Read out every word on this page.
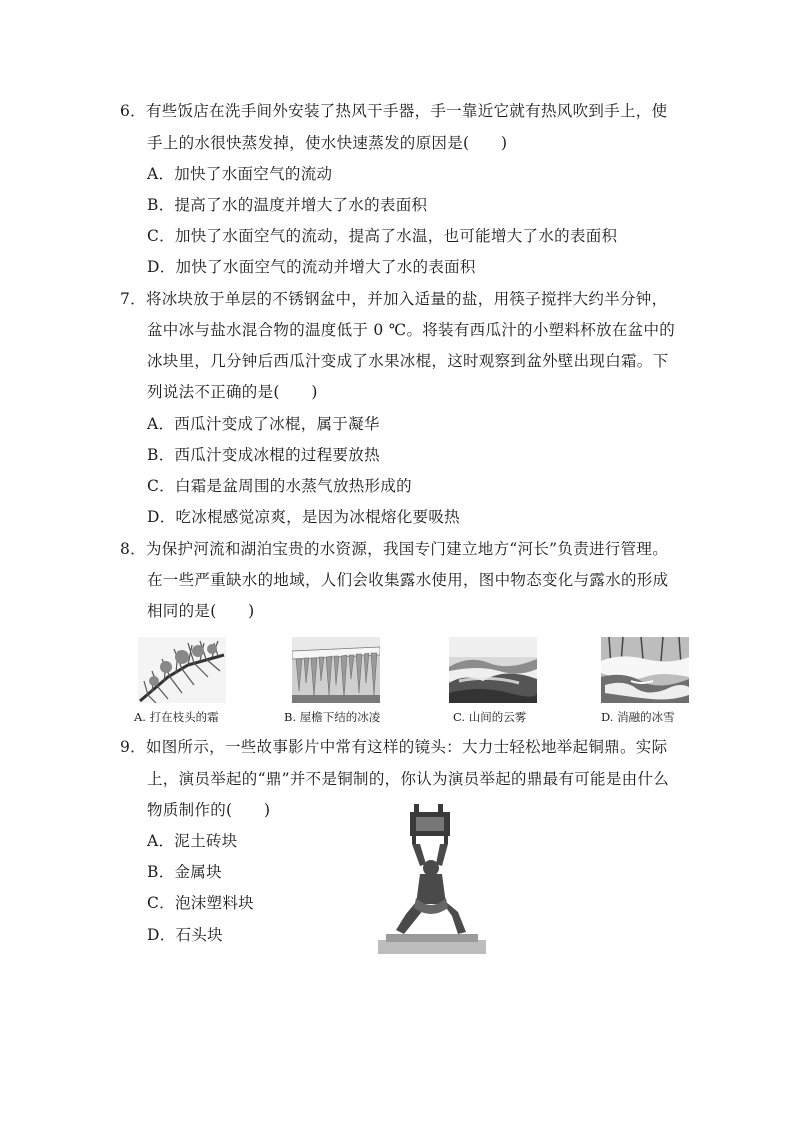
6．有些饭店在洗手间外安装了热风干手器，手一靠近它就有热风吹到手上，使
手上的水很快蒸发掉，使水快速蒸发的原因是(　　)
A．加快了水面空气的流动
B．提高了水的温度并增大了水的表面积
C．加快了水面空气的流动，提高了水温，也可能增大了水的表面积
D．加快了水面空气的流动并增大了水的表面积
7．将冰块放于单层的不锈钢盆中，并加入适量的盐，用筷子搅拌大约半分钟，
盆中冰与盐水混合物的温度低于 0 ℃。将装有西瓜汁的小塑料杯放在盆中的
冰块里，几分钟后西瓜汁变成了水果冰棍，这时观察到盆外壁出现白霜。下
列说法不正确的是(　　)
A．西瓜汁变成了冰棍，属于凝华
B．西瓜汁变成冰棍的过程要放热
C．白霜是盆周围的水蒸气放热形成的
D．吃冰棍感觉凉爽，是因为冰棍熔化要吸热
8．为保护河流和湖泊宝贵的水资源，我国专门建立地方“河长”负责进行管理。
在一些严重缺水的地域，人们会收集露水使用，图中物态变化与露水的形成
相同的是(　　)
A. 打在枝头的霜	B. 屋檐下结的冰凌	C. 山间的云雾	D. 消融的冰雪
9．如图所示，一些故事影片中常有这样的镜头：大力士轻松地举起铜鼎。实际
上，演员举起的“鼎”并不是铜制的，你认为演员举起的鼎最有可能是由什么
物质制作的(　　)
A．泥土砖块
B．金属块
C．泡沫塑料块
D．石头块
